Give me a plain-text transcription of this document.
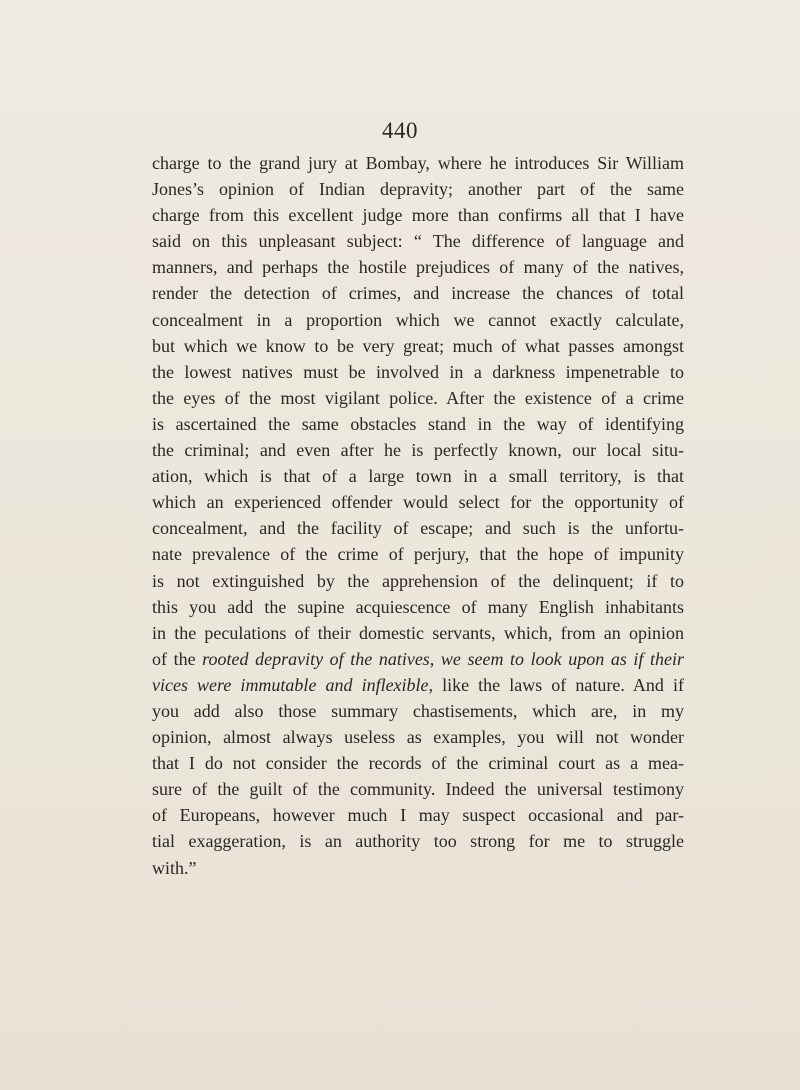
440
charge to the grand jury at Bombay, where he introduces Sir William
Jones’s opinion of Indian depravity; another part of the same
charge from this excellent judge more than confirms all that I have
said on this unpleasant subject: “ The difference of language and
manners, and perhaps the hostile prejudices of many of the natives,
render the detection of crimes, and increase the chances of total
concealment in a proportion which we cannot exactly calculate,
but which we know to be very great; much of what passes amongst
the lowest natives must be involved in a darkness impenetrable to
the eyes of the most vigilant police. After the existence of a crime
is ascertained the same obstacles stand in the way of identifying
the criminal; and even after he is perfectly known, our local situ-
ation, which is that of a large town in a small territory, is that
which an experienced offender would select for the opportunity of
concealment, and the facility of escape; and such is the unfortu-
nate prevalence of the crime of perjury, that the hope of impunity
is not extinguished by the apprehension of the delinquent; if to
this you add the supine acquiescence of many English inhabitants
in the peculations of their domestic servants, which, from an opinion
of the rooted depravity of the natives, we seem to look upon as if their
vices were immutable and inflexible, like the laws of nature. And if
you add also those summary chastisements, which are, in my
opinion, almost always useless as examples, you will not wonder
that I do not consider the records of the criminal court as a mea-
sure of the guilt of the community. Indeed the universal testimony
of Europeans, however much I may suspect occasional and par-
tial exaggeration, is an authority too strong for me to struggle
with.”
